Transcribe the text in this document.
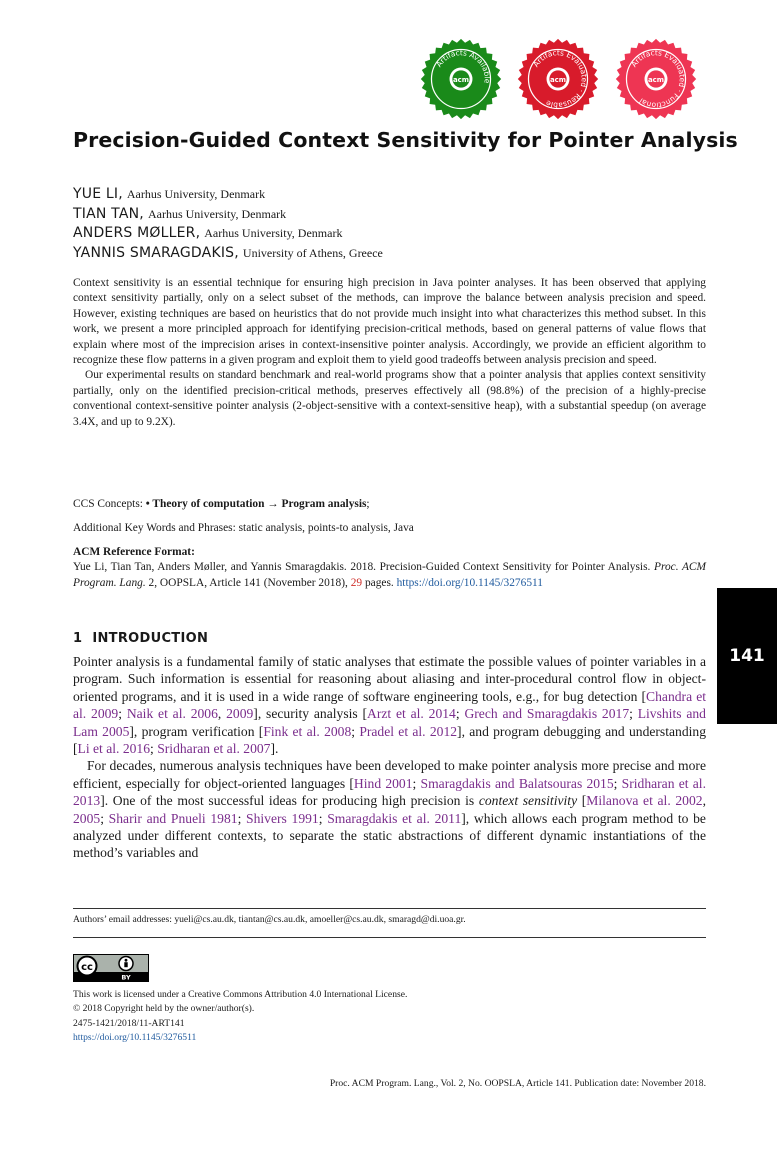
Artifacts Available
acm
Artifacts Evaluated · Reusable
acm
Artifacts Evaluated · Functional
acm
Precision-Guided Context Sensitivity for Pointer Analysis
YUE LI, Aarhus University, Denmark
TIAN TAN, Aarhus University, Denmark
ANDERS MØLLER, Aarhus University, Denmark
YANNIS SMARAGDAKIS, University of Athens, Greece

Context sensitivity is an essential technique for ensuring high precision in Java pointer analyses. It has been observed that applying context sensitivity partially, only on a select subset of the methods, can improve the balance between analysis precision and speed. However, existing techniques are based on heuristics that do not provide much insight into what characterizes this method subset. In this work, we present a more principled approach for identifying precision-critical methods, based on general patterns of value flows that explain where most of the imprecision arises in context-insensitive pointer analysis. Accordingly, we provide an efficient algorithm to recognize these flow patterns in a given program and exploit them to yield good tradeoffs between analysis precision and speed.

Our experimental results on standard benchmark and real-world programs show that a pointer analysis that applies context sensitivity partially, only on the identified precision-critical methods, preserves effectively all (98.8%) of the precision of a highly-precise conventional context-sensitive pointer analysis (2-object-sensitive with a context-sensitive heap), with a substantial speedup (on average 3.4X, and up to 9.2X).

CCS Concepts: • Theory of computation → Program analysis;
Additional Key Words and Phrases: static analysis, points-to analysis, Java
ACM Reference Format:
Yue Li, Tian Tan, Anders Møller, and Yannis Smaragdakis. 2018. Precision-Guided Context Sensitivity for Pointer Analysis. Proc. ACM Program. Lang. 2, OOPSLA, Article 141 (November 2018), 29 pages. https://doi.org/10.1145/3276511
1 INTRODUCTION

Pointer analysis is a fundamental family of static analyses that estimate the possible values of pointer variables in a program. Such information is essential for reasoning about aliasing and inter-procedural control flow in object-oriented programs, and it is used in a wide range of software engineering tools, e.g., for bug detection [Chandra et al. 2009; Naik et al. 2006, 2009], security analysis [Arzt et al. 2014; Grech and Smaragdakis 2017; Livshits and Lam 2005], program verification [Fink et al. 2008; Pradel et al. 2012], and program debugging and understanding [Li et al. 2016; Sridharan et al. 2007].

For decades, numerous analysis techniques have been developed to make pointer analysis more precise and more efficient, especially for object-oriented languages [Hind 2001; Smaragdakis and Balatsouras 2015; Sridharan et al. 2013]. One of the most successful ideas for producing high precision is context sensitivity [Milanova et al. 2002, 2005; Sharir and Pnueli 1981; Shivers 1991; Smaragdakis et al. 2011], which allows each program method to be analyzed under different contexts, to separate the static abstractions of different dynamic instantiations of the method’s variables and

141
Authors’ email addresses: yueli@cs.au.dk, tiantan@cs.au.dk, amoeller@cs.au.dk, smaragd@di.uoa.gr.
cc
BY
This work is licensed under a Creative Commons Attribution 4.0 International License.
© 2018 Copyright held by the owner/author(s).
2475-1421/2018/11-ART141
https://doi.org/10.1145/3276511
Proc. ACM Program. Lang., Vol. 2, No. OOPSLA, Article 141. Publication date: November 2018.
